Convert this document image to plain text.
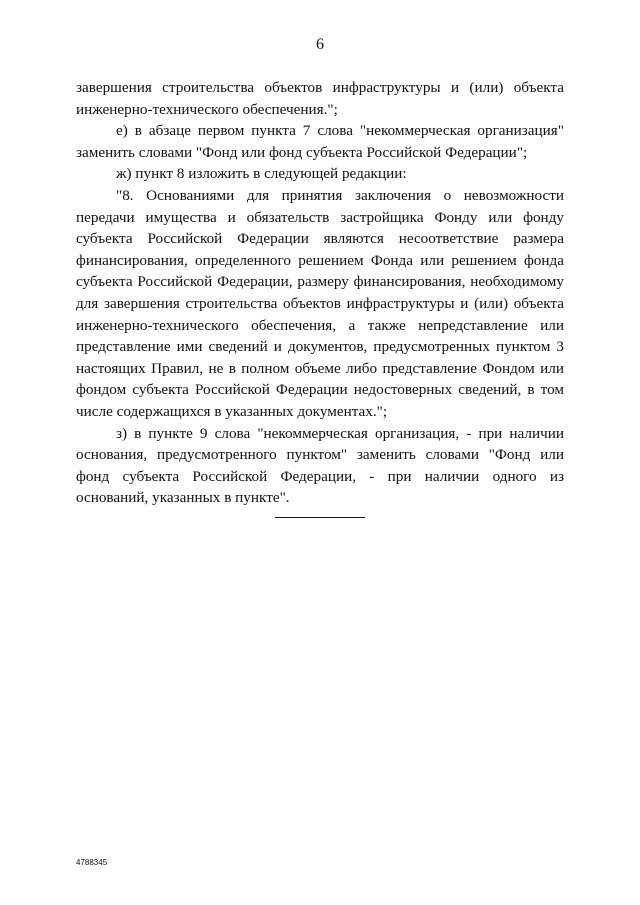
6

завершения строительства объектов инфраструктуры и (или) объекта инженерно-технического обеспечения.";

е) в абзаце первом пункта 7 слова "некоммерческая организация" заменить словами "Фонд или фонд субъекта Российской Федерации";

ж) пункт 8 изложить в следующей редакции:

"8. Основаниями для принятия заключения о невозможности передачи имущества и обязательств застройщика Фонду или фонду субъекта Российской Федерации являются несоответствие размера финансирования, определенного решением Фонда или решением фонда субъекта Российской Федерации, размеру финансирования, необходимому для завершения строительства объектов инфраструктуры и (или) объекта инженерно-технического обеспечения, а также непредставление или представление ими сведений и документов, предусмотренных пунктом 3 настоящих Правил, не в полном объеме либо представление Фондом или фондом субъекта Российской Федерации недостоверных сведений, в том числе содержащихся в указанных документах.";

з) в пункте 9 слова "некоммерческая организация, - при наличии основания, предусмотренного пунктом" заменить словами "Фонд или фонд субъекта Российской Федерации, - при наличии одного из оснований, указанных в пункте".

4788345
